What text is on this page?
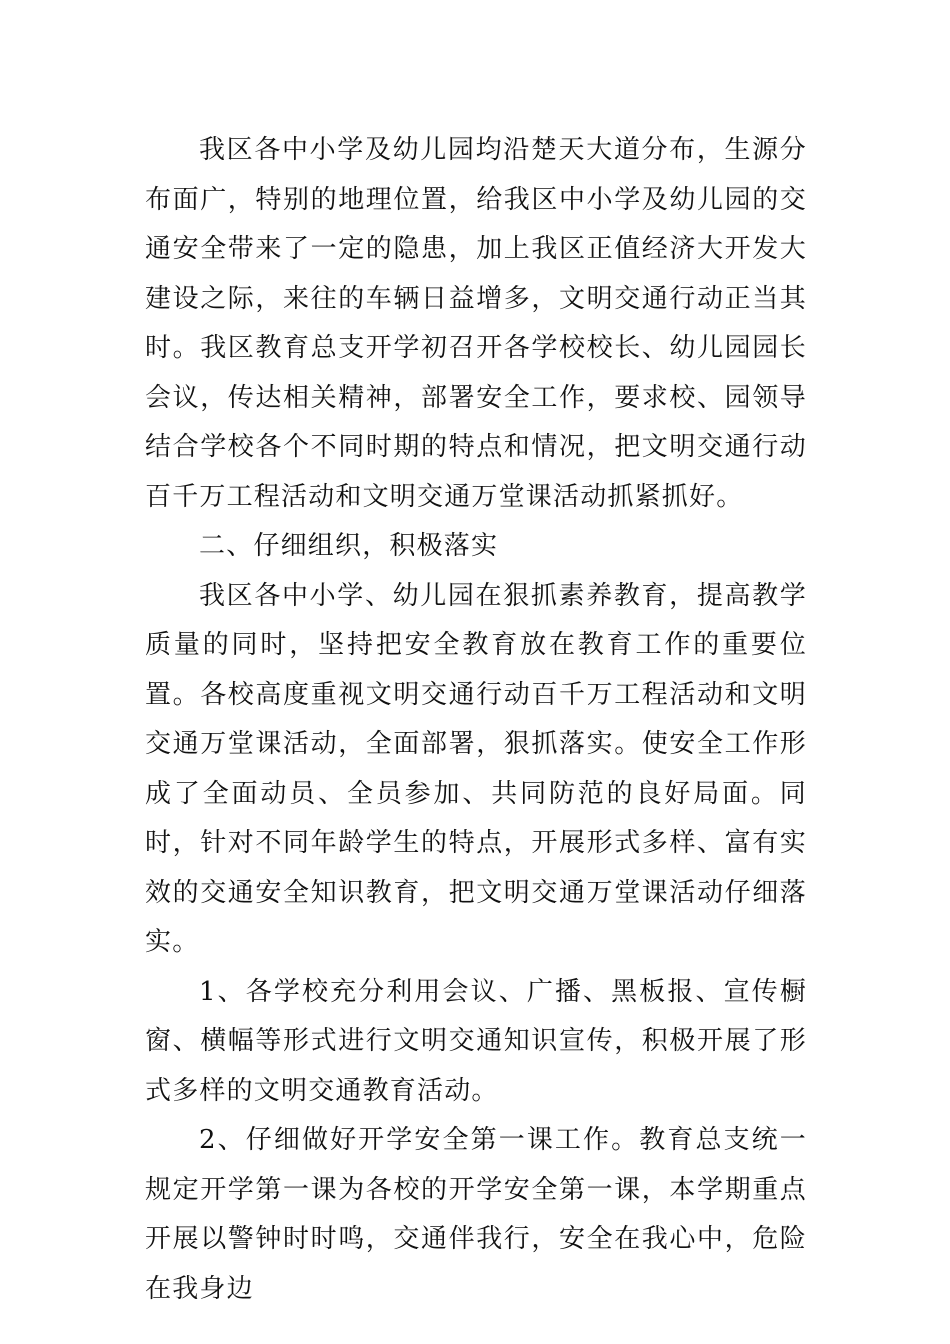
我区各中小学及幼儿园均沿楚天大道分布，生源分布面广，特别的地理位置，给我区中小学及幼儿园的交通安全带来了一定的隐患，加上我区正值经济大开发大建设之际，来往的车辆日益增多，文明交通行动正当其时。我区教育总支开学初召开各学校校长、幼儿园园长会议，传达相关精神，部署安全工作，要求校、园领导结合学校各个不同时期的特点和情况，把文明交通行动百千万工程活动和文明交通万堂课活动抓紧抓好。

二、仔细组织，积极落实

我区各中小学、幼儿园在狠抓素养教育，提高教学质量的同时，坚持把安全教育放在教育工作的重要位置。各校高度重视文明交通行动百千万工程活动和文明交通万堂课活动，全面部署，狠抓落实。使安全工作形成了全面动员、全员参加、共同防范的良好局面。同时，针对不同年龄学生的特点，开展形式多样、富有实效的交通安全知识教育，把文明交通万堂课活动仔细落实。

1、各学校充分利用会议、广播、黑板报、宣传橱窗、横幅等形式进行文明交通知识宣传，积极开展了形式多样的文明交通教育活动。

2、仔细做好开学安全第一课工作。教育总支统一规定开学第一课为各校的开学安全第一课，本学期重点开展以警钟时时鸣，交通伴我行，安全在我心中，危险在我身边
